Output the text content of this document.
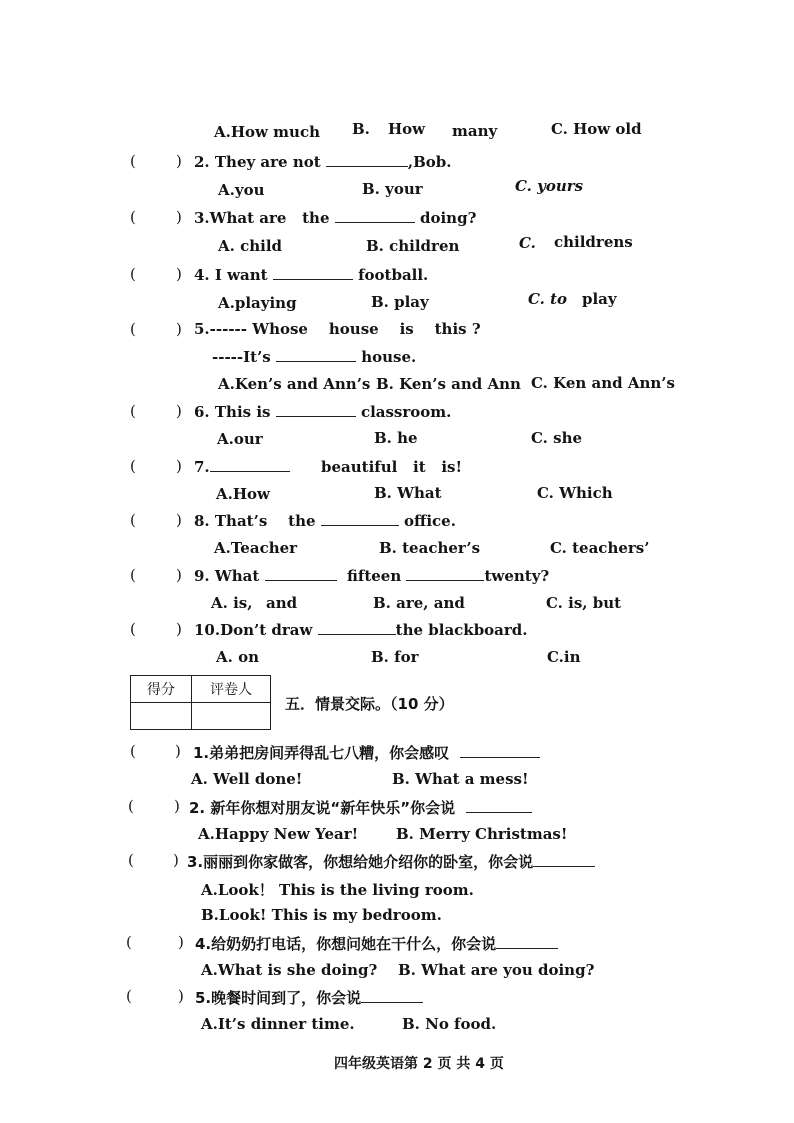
A.How much B. How many	C. How old
(	) 2. They are not	,Bob.
A.you	B. your	C. yours
(	) 3.What are the	doing?
A. child	B. children	C. childrens
(	) 4. I want	football.
A.playing	B. play	C. to play
(	) 5.------ Whose house is this ?
-----It’s	house.
A.Ken’s and Ann’s B. Ken’s and Ann C. Ken and Ann’s
(	) 6. This is	classroom.
A.our	B. he	C. she
(	) 7.	beautiful it is!
A.How	B. What	C. Which
(	) 8. That’s the	office.
A.Teacher	B. teacher’s	C. teachers’
(	) 9. What	fifteen	twenty?
A. is, and	B. are, and	C. is, but
(	) 10.Don’t draw	the blackboard.
A. on	B. for	C.in
得分	评卷人

五．情景交际。（10 分）
(	) 1.弟弟把房间弄得乱七八糟，你会感叹
A. Well done!	B. What a mess!
(	) 2. 新年你想对朋友说“新年快乐”你会说
A.Happy New Year!	B. Merry Christmas!
(	) 3.丽丽到你家做客，你想给她介绍你的卧室，你会说
A.Look！ This is the living room.
B.Look! This is my bedroom.
(	) 4.给奶奶打电话，你想问她在干什么，你会说
A.What is she doing? B. What are you doing?
(	) 5.晚餐时间到了，你会说
A.It’s dinner time.	B. No food.
四年级英语第 2 页 共 4 页
